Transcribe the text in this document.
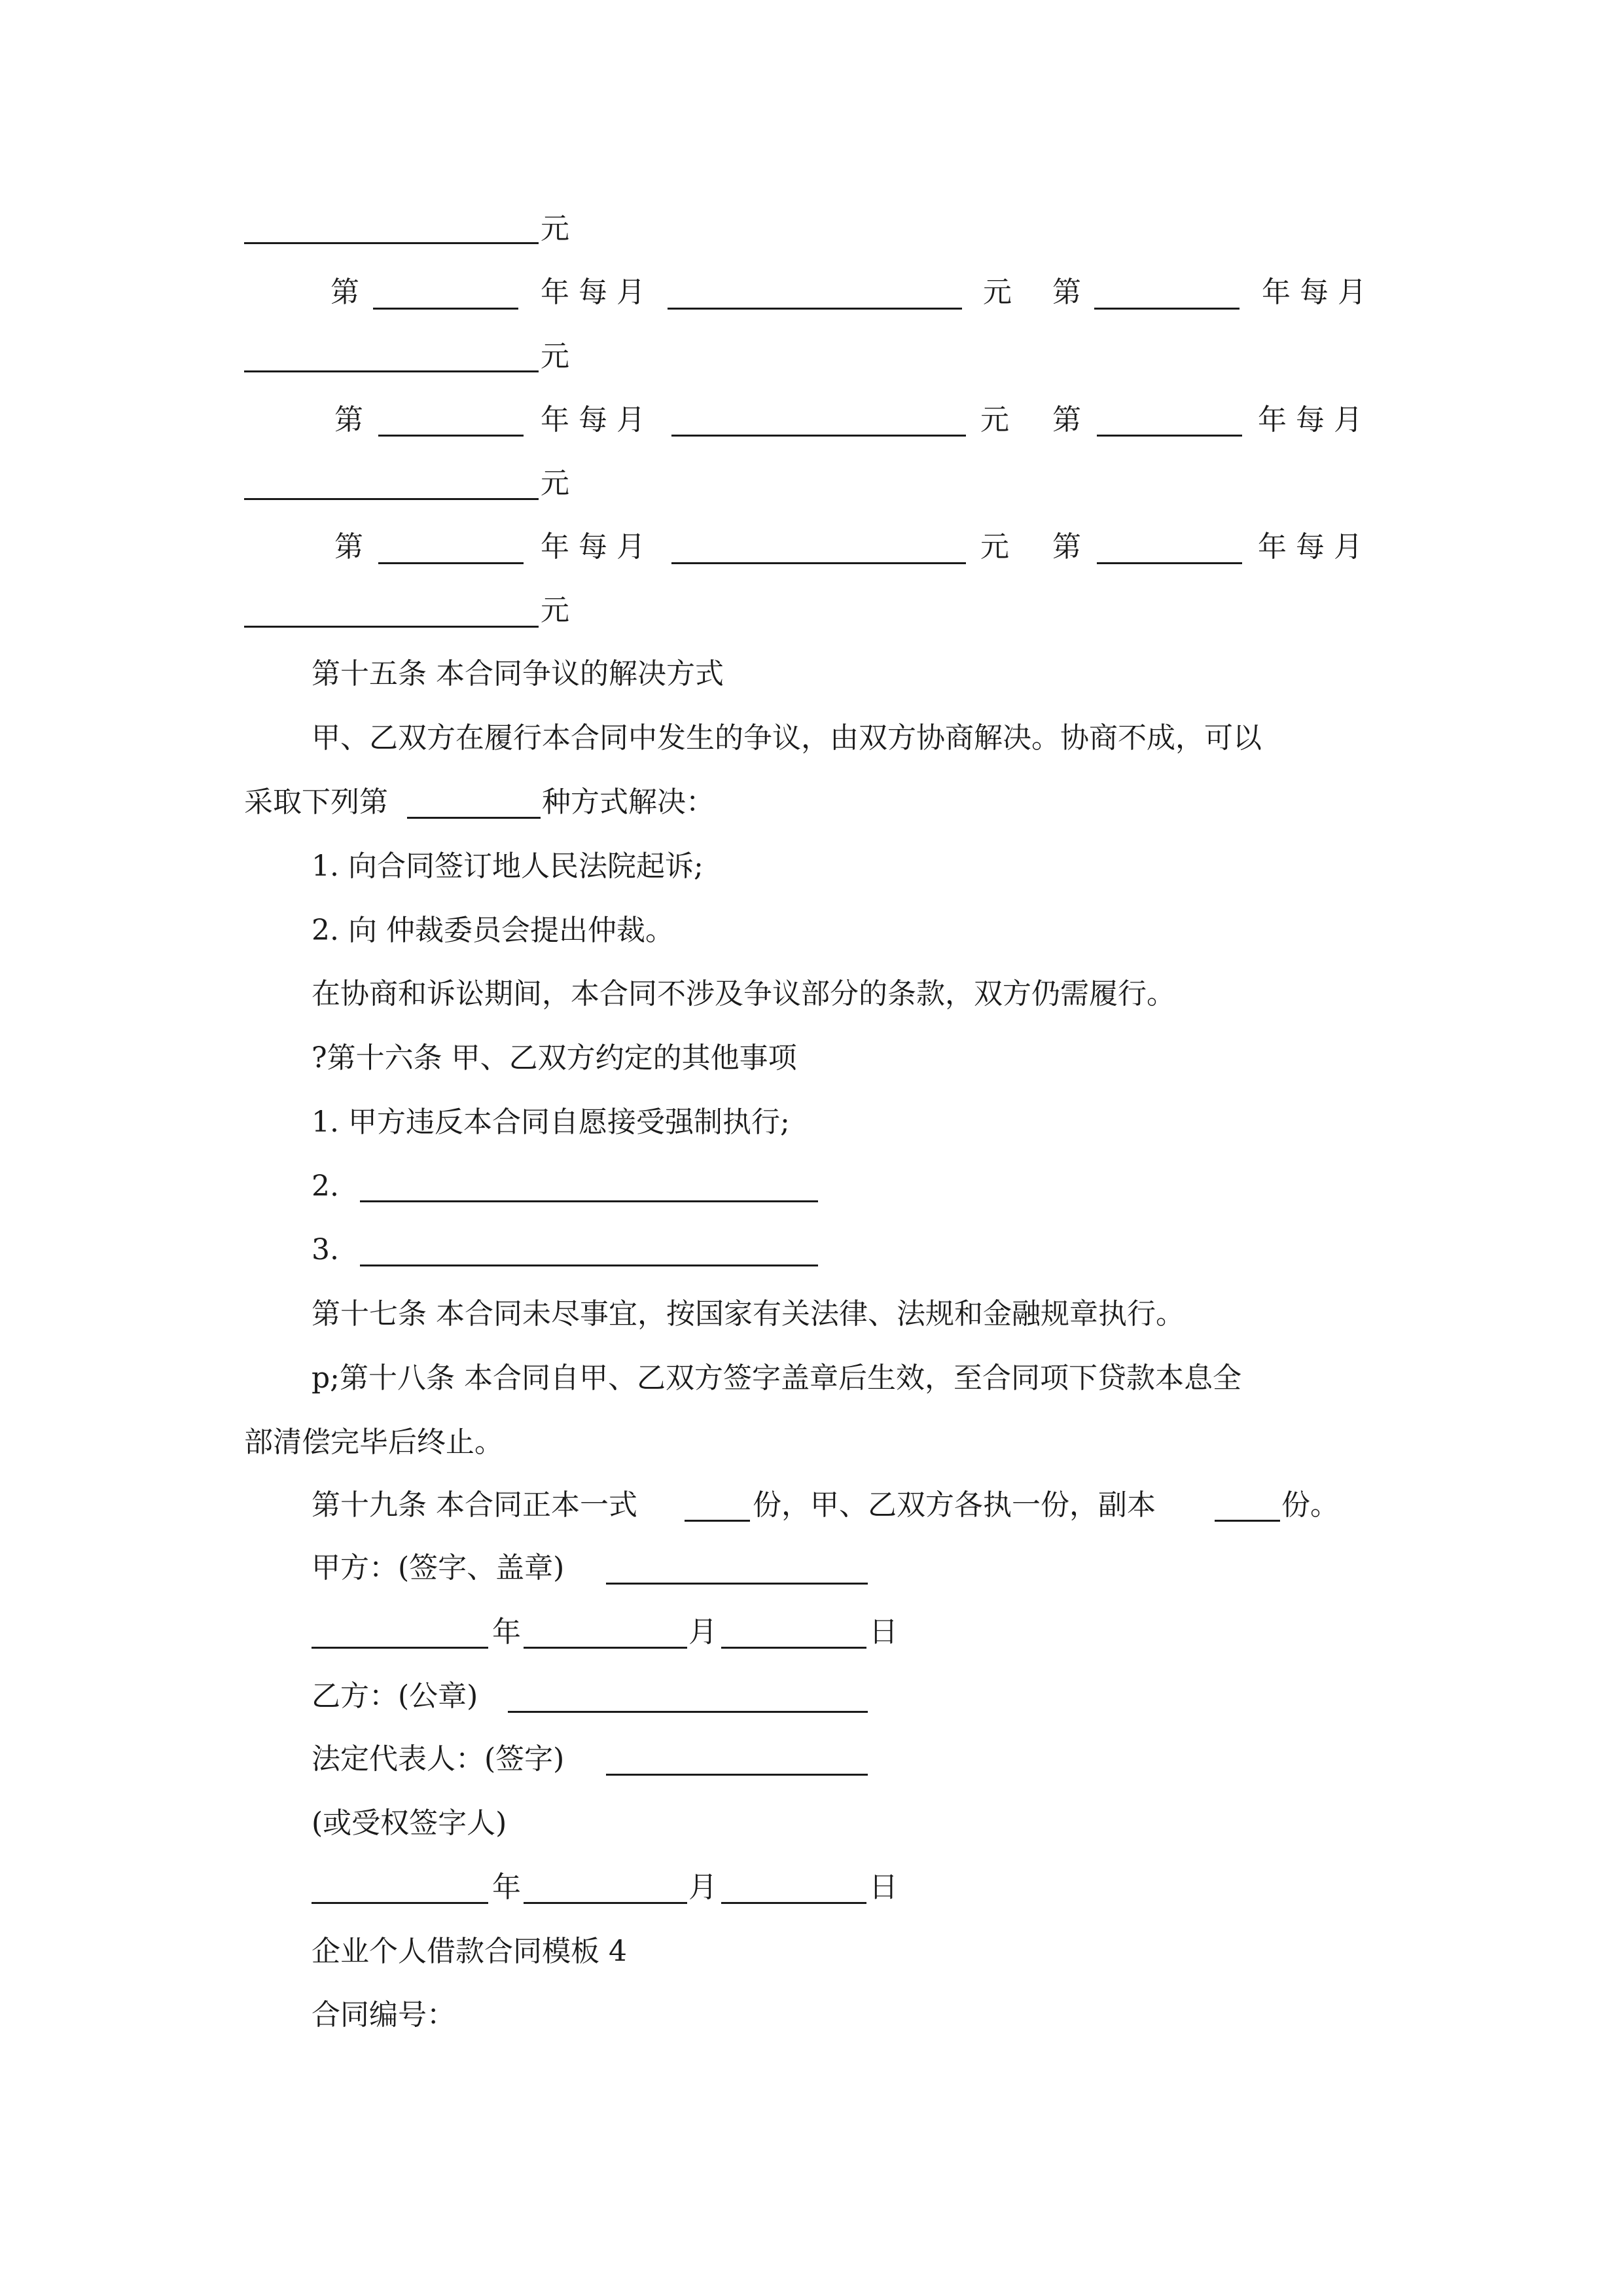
元
第	年每月	元 第	年每月
元
第	年每月	元 第	年每月
元
第	年每月	元 第	年每月
元
第十五条 本合同争议的解决方式
甲、乙双方在履行本合同中发生的争议，由双方协商解决。协商不成，可以
采取下列第	种方式解决：
1. 向合同签订地人民法院起诉;
2. 向 仲裁委员会提出仲裁。
在协商和诉讼期间，本合同不涉及争议部分的条款，双方仍需履行。
?第十六条 甲、乙双方约定的其他事项
1. 甲方违反本合同自愿接受强制执行;
2.
3.
第十七条 本合同未尽事宜，按国家有关法律、法规和金融规章执行。
p;第十八条 本合同自甲、乙双方签字盖章后生效，至合同项下贷款本息全
部清偿完毕后终止。
第十九条 本合同正本一式	份，甲、乙双方各执一份，副本	份。
甲方：(签字、盖章)
年	月	日
乙方：(公章)
法定代表人：(签字)
(或受权签字人)
年	月	日
企业个人借款合同模板 4
合同编号：
